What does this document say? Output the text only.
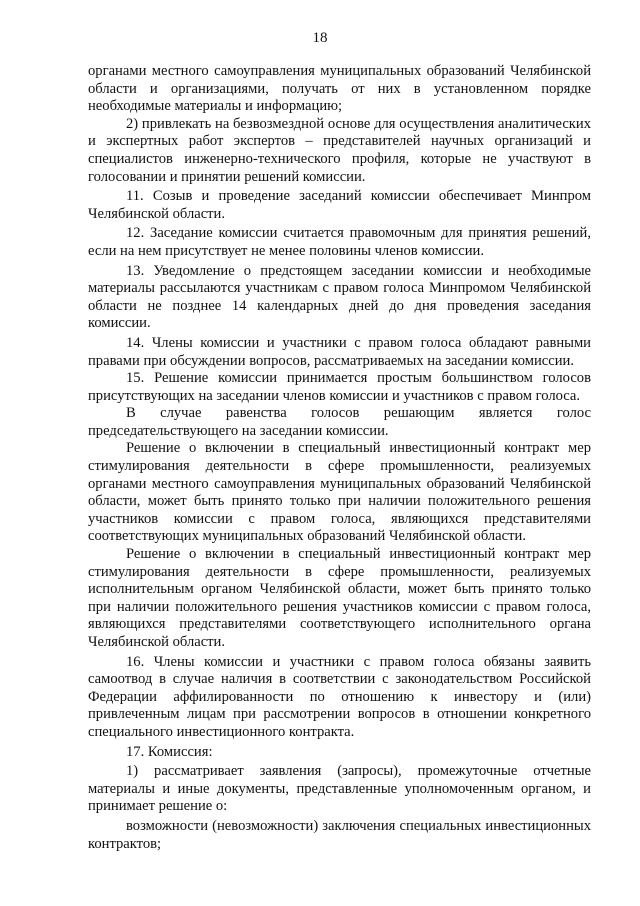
18

органами местного самоуправления муниципальных образований Челябинской области и организациями, получать от них в установленном порядке необходимые материалы и информацию;

2) привлекать на безвозмездной основе для осуществления аналитических и экспертных работ экспертов – представителей научных организаций и специалистов инженерно-технического профиля, которые не участвуют в голосовании и принятии решений комиссии.

11. Созыв и проведение заседаний комиссии обеспечивает Минпром Челябинской области.

12. Заседание комиссии считается правомочным для принятия решений, если на нем присутствует не менее половины членов комиссии.

13. Уведомление о предстоящем заседании комиссии и необходимые материалы рассылаются участникам с правом голоса Минпромом Челябинской области не позднее 14 календарных дней до дня проведения заседания комиссии.

14. Члены комиссии и участники с правом голоса обладают равными правами при обсуждении вопросов, рассматриваемых на заседании комиссии.

15. Решение комиссии принимается простым большинством голосов присутствующих на заседании членов комиссии и участников с правом голоса.

В случае равенства голосов решающим является голос председательствующего на заседании комиссии.

Решение о включении в специальный инвестиционный контракт мер стимулирования деятельности в сфере промышленности, реализуемых органами местного самоуправления муниципальных образований Челябинской области, может быть принято только при наличии положительного решения участников комиссии с правом голоса, являющихся представителями соответствующих муниципальных образований Челябинской области.

Решение о включении в специальный инвестиционный контракт мер стимулирования деятельности в сфере промышленности, реализуемых исполнительным органом Челябинской области, может быть принято только при наличии положительного решения участников комиссии с правом голоса, являющихся представителями соответствующего исполнительного органа Челябинской области.

16. Члены комиссии и участники с правом голоса обязаны заявить самоотвод в случае наличия в соответствии с законодательством Российской Федерации аффилированности по отношению к инвестору и (или) привлеченным лицам при рассмотрении вопросов в отношении конкретного специального инвестиционного контракта.

17. Комиссия:

1) рассматривает заявления (запросы), промежуточные отчетные материалы и иные документы, представленные уполномоченным органом, и принимает решение о:

возможности (невозможности) заключения специальных инвестиционных контрактов;
